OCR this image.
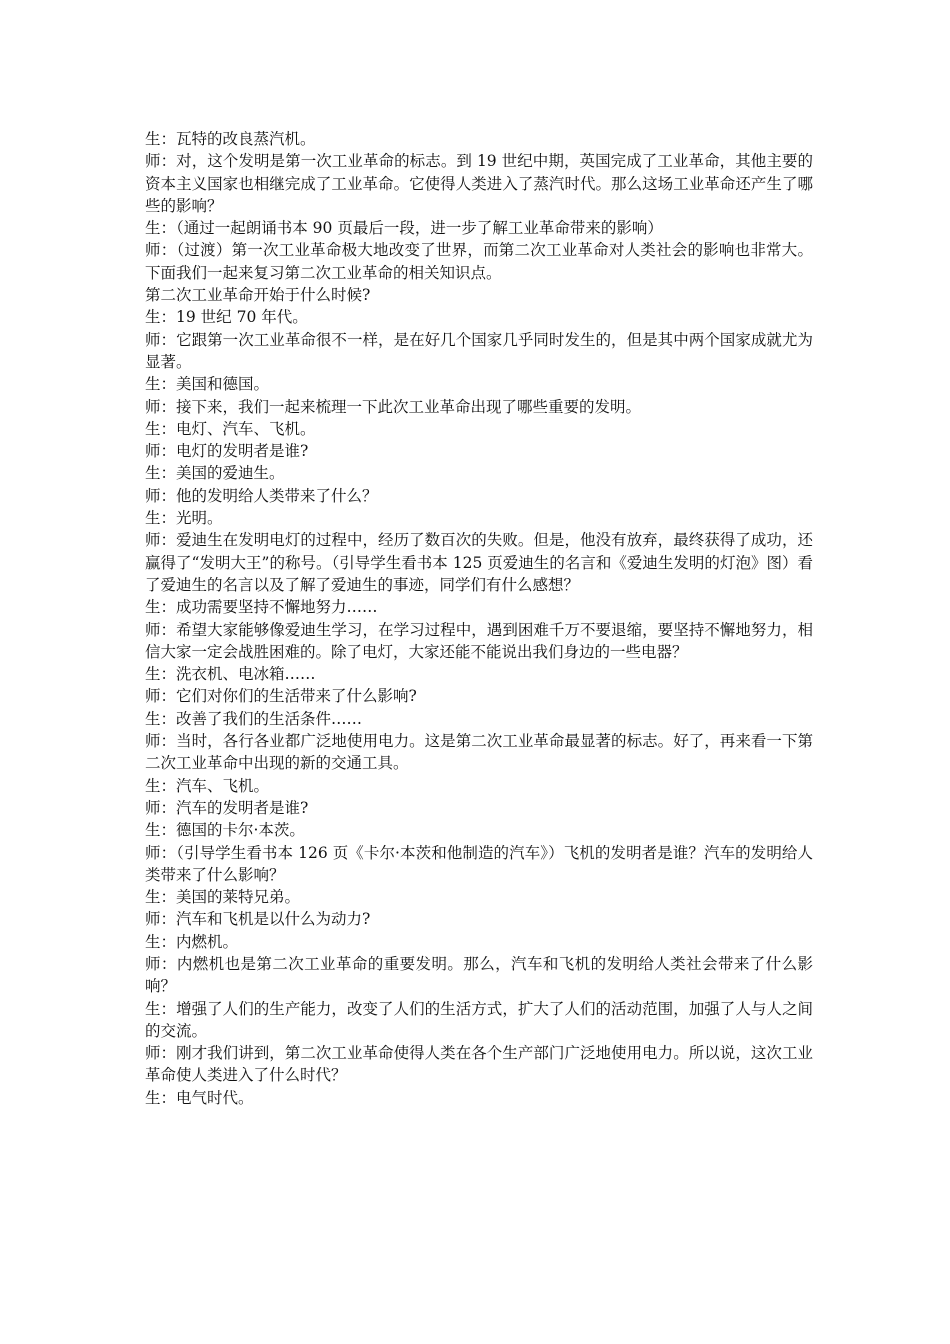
生：瓦特的改良蒸汽机。

师：对，这个发明是第一次工业革命的标志。到 19 世纪中期，英国完成了工业革命，其他主要的资本主义国家也相继完成了工业革命。它使得人类进入了蒸汽时代。那么这场工业革命还产生了哪些的影响？

生：（通过一起朗诵书本 90 页最后一段，进一步了解工业革命带来的影响）

师：（过渡）第一次工业革命极大地改变了世界，而第二次工业革命对人类社会的影响也非常大。下面我们一起来复习第二次工业革命的相关知识点。

第二次工业革命开始于什么时候?

生：19 世纪 70 年代。

师：它跟第一次工业革命很不一样，是在好几个国家几乎同时发生的，但是其中两个国家成就尤为显著。

生：美国和德国。

师：接下来，我们一起来梳理一下此次工业革命出现了哪些重要的发明。

生：电灯、汽车、飞机。

师：电灯的发明者是谁?

生：美国的爱迪生。

师：他的发明给人类带来了什么？

生：光明。

师：爱迪生在发明电灯的过程中，经历了数百次的失败。但是，他没有放弃，最终获得了成功，还赢得了“发明大王”的称号。（引导学生看书本 125 页爱迪生的名言和《爱迪生发明的灯泡》图）看了爱迪生的名言以及了解了爱迪生的事迹，同学们有什么感想？

生：成功需要坚持不懈地努力……

师：希望大家能够像爱迪生学习，在学习过程中，遇到困难千万不要退缩，要坚持不懈地努力，相信大家一定会战胜困难的。除了电灯，大家还能不能说出我们身边的一些电器？

生：洗衣机、电冰箱……

师：它们对你们的生活带来了什么影响?

生：改善了我们的生活条件……

师：当时，各行各业都广泛地使用电力。这是第二次工业革命最显著的标志。好了，再来看一下第二次工业革命中出现的新的交通工具。

生：汽车、飞机。

师：汽车的发明者是谁?

生：德国的卡尔·本茨。

师：（引导学生看书本 126 页《卡尔·本茨和他制造的汽车》）飞机的发明者是谁？汽车的发明给人类带来了什么影响？

生：美国的莱特兄弟。

师：汽车和飞机是以什么为动力?

生：内燃机。

师：内燃机也是第二次工业革命的重要发明。那么，汽车和飞机的发明给人类社会带来了什么影响？

生：增强了人们的生产能力，改变了人们的生活方式，扩大了人们的活动范围，加强了人与人之间的交流。

师：刚才我们讲到，第二次工业革命使得人类在各个生产部门广泛地使用电力。所以说，这次工业革命使人类进入了什么时代？

生：电气时代。
